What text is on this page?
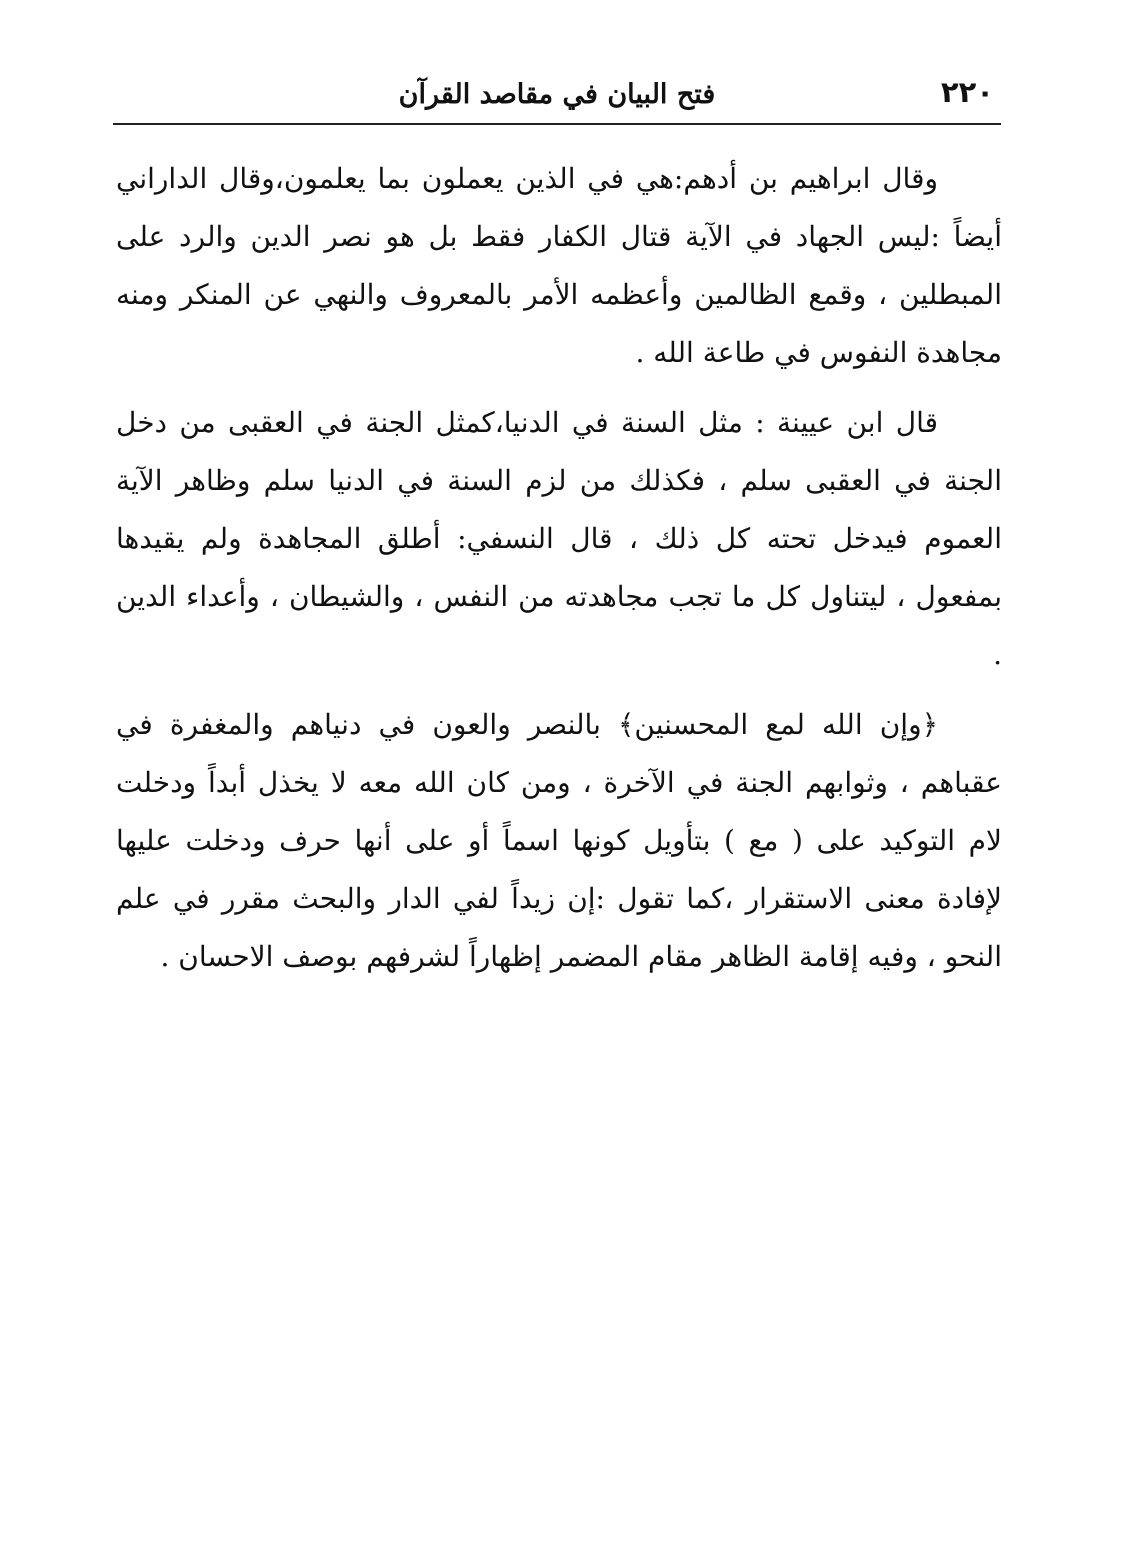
٢٢٠
فتح البيان في مقاصد القرآن

وقال ابراهيم بن أدهم:هي في الذين يعملون بما يعلمون،وقال الداراني أيضاً :ليس الجهاد في الآية قتال الكفار فقط بل هو نصر الدين والرد على المبطلين ، وقمع الظالمين وأعظمه الأمر بالمعروف والنهي عن المنكر ومنه مجاهدة النفوس في طاعة الله .

قال ابن عيينة : مثل السنة في الدنيا،كمثل الجنة في العقبى من دخل الجنة في العقبى سلم ، فكذلك من لزم السنة في الدنيا سلم وظاهر الآية العموم فيدخل تحته كل ذلك ، قال النسفي: أطلق المجاهدة ولم يقيدها بمفعول ، ليتناول كل ما تجب مجاهدته من النفس ، والشيطان ، وأعداء الدين .

﴿وإن الله لمع المحسنين﴾ بالنصر والعون في دنياهم والمغفرة في عقباهم ، وثوابهم الجنة في الآخرة ، ومن كان الله معه لا يخذل أبداً ودخلت لام التوكيد على ( مع ) بتأويل كونها اسماً أو على أنها حرف ودخلت عليها لإفادة معنى الاستقرار ،كما تقول :إن زيداً لفي الدار والبحث مقرر في علم النحو ، وفيه إقامة الظاهر مقام المضمر إظهاراً لشرفهم بوصف الاحسان .
